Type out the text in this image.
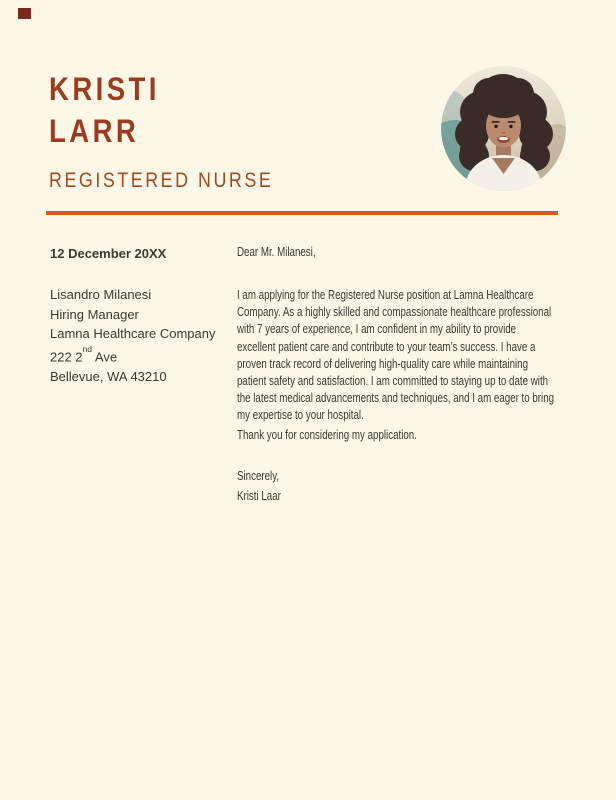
KRISTI
LARR
REGISTERED NURSE
12 December 20XX
Lisandro Milanesi
Hiring Manager
Lamna Healthcare Company
222 2nd Ave
Bellevue, WA 43210
Dear Mr. Milanesi,
I am applying for the Registered Nurse position at Lamna Healthcare
Company. As a highly skilled and compassionate healthcare professional
with 7 years of experience, I am confident in my ability to provide
excellent patient care and contribute to your team’s success. I have a
proven track record of delivering high-quality care while maintaining
patient safety and satisfaction. I am committed to staying up to date with
the latest medical advancements and techniques, and I am eager to bring
my expertise to your hospital.
Thank you for considering my application.
Sincerely,
Kristi Laar
